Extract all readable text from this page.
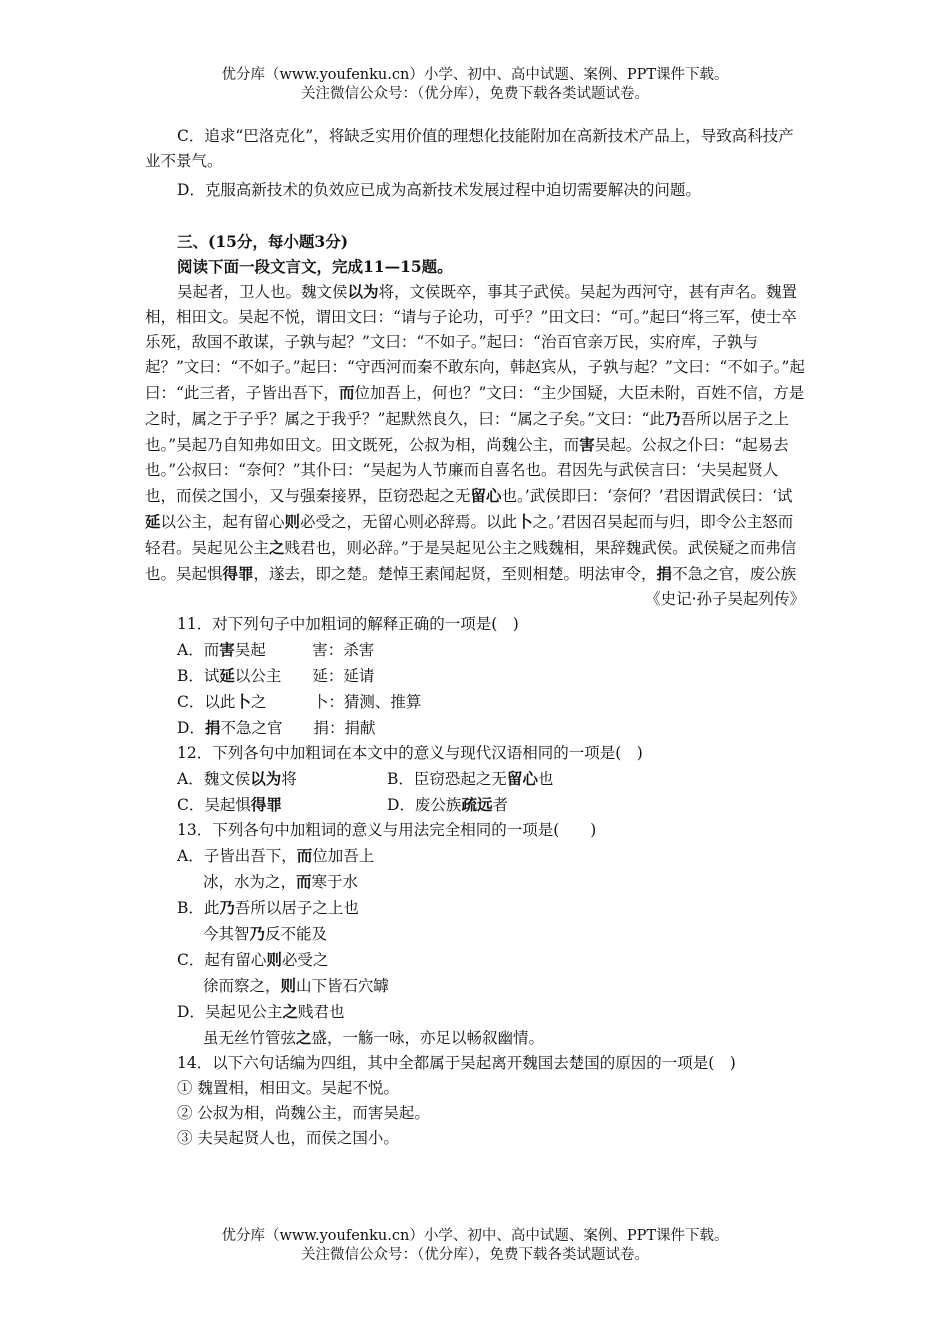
优分库（www.youfenku.cn）小学、初中、高中试题、案例、PPT课件下载。
关注微信公众号：（优分库），免费下载各类试题试卷。

C．追求“巴洛克化”，将缺乏实用价值的理想化技能附加在高新技术产品上，导致高科技产业不景气。

D．克服高新技术的负效应已成为高新技术发展过程中迫切需要解决的问题。

三、(15分，每小题3分)

阅读下面一段文言文，完成11—15题。

吴起者，卫人也。魏文侯以为将，文侯既卒，事其子武侯。吴起为西河守，甚有声名。魏置相，相田文。吴起不悦，谓田文曰：“请与子论功，可乎？”田文曰：“可。”起曰“将三军，使士卒乐死，敌国不敢谋，子孰与起？”文曰：“不如子。”起曰：“治百官亲万民，实府库，子孰与起？”文曰：“不如子。”起曰：“守西河而秦不敢东向，韩赵宾从，子孰与起？”文曰：“不如子。”起曰：“此三者，子皆出吾下，而位加吾上，何也？”文曰：“主少国疑，大臣未附，百姓不信，方是之时，属之于子乎？属之于我乎？”起默然良久，曰：“属之子矣。”文曰：“此乃吾所以居子之上也。”吴起乃自知弗如田文。田文既死，公叔为相，尚魏公主，而害吴起。公叔之仆曰：“起易去也。”公叔曰：“奈何？”其仆曰：“吴起为人节廉而自喜名也。君因先与武侯言曰：‘夫吴起贤人也，而侯之国小，又与强秦接界，臣窃恐起之无留心也。’武侯即曰：‘奈何？’君因谓武侯曰：‘试延以公主，起有留心则必受之，无留心则必辞焉。以此卜之。’君因召吴起而与归，即令公主怒而轻君。吴起见公主之贱君也，则必辞。”于是吴起见公主之贱魏相，果辞魏武侯。武侯疑之而弗信也。吴起惧得罪，遂去，即之楚。楚悼王素闻起贤，至则相楚。明法审令，捐不急之官，废公族

《史记·孙子吴起列传》

11．对下列句子中加粗词的解释正确的一项是(　)

A．而害吴起　　　害：杀害

B．试延以公主　　延：延请

C．以此卜之　　　卜：猜测、推算

D．捐不急之官　　捐：捐献

12．下列各句中加粗词在本文中的意义与现代汉语相同的一项是(　)

A．魏文侯以为将	B．臣窃恐起之无留心也
C．吴起惧得罪	D．废公族疏远者

13．下列各句中加粗词的意义与用法完全相同的一项是(　　)

A．子皆出吾下，而位加吾上

冰，水为之，而寒于水

B．此乃吾所以居子之上也

今其智乃反不能及

C．起有留心则必受之

徐而察之，则山下皆石穴罅

D．吴起见公主之贱君也

虽无丝竹管弦之盛，一觞一咏，亦足以畅叙幽情。

14．以下六句话编为四组，其中全都属于吴起离开魏国去楚国的原因的一项是(　)

① 魏置相，相田文。吴起不悦。

② 公叔为相，尚魏公主，而害吴起。

③ 夫吴起贤人也，而侯之国小。

优分库（www.youfenku.cn）小学、初中、高中试题、案例、PPT课件下载。
关注微信公众号：（优分库），免费下载各类试题试卷。
